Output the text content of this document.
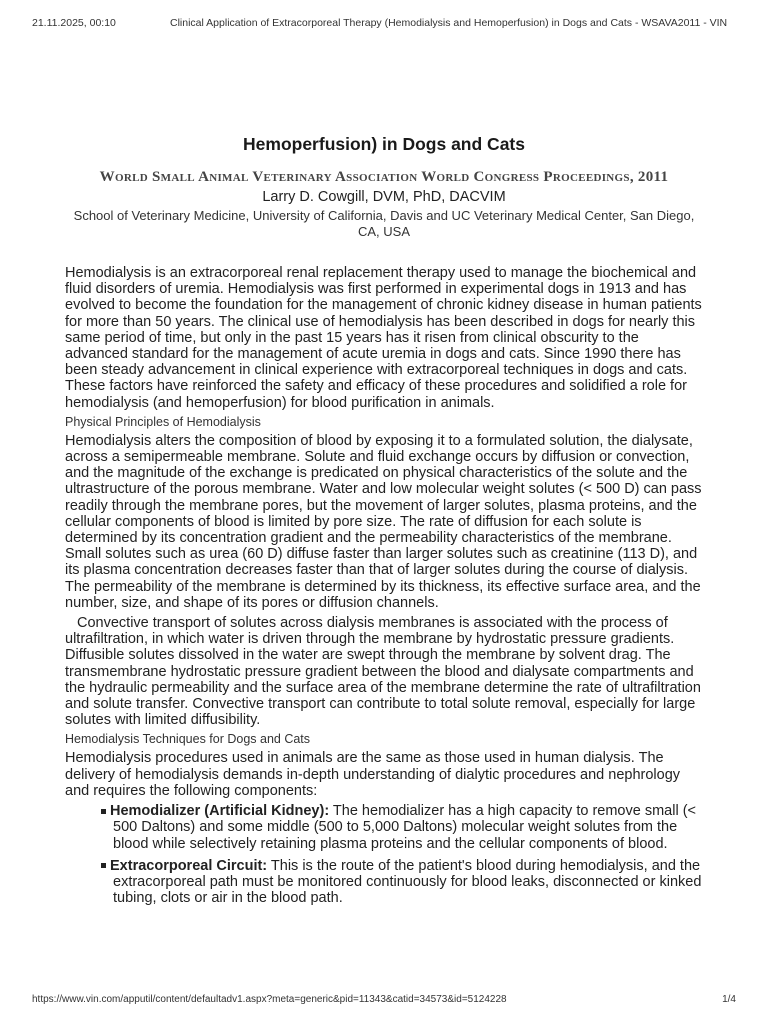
21.11.2025, 00:10	Clinical Application of Extracorporeal Therapy (Hemodialysis and Hemoperfusion) in Dogs and Cats - WSAVA2011 - VIN
Hemoperfusion) in Dogs and Cats
World Small Animal Veterinary Association World Congress Proceedings, 2011
Larry D. Cowgill, DVM, PhD, DACVIM
School of Veterinary Medicine, University of California, Davis and UC Veterinary Medical Center, San Diego, CA, USA

Hemodialysis is an extracorporeal renal replacement therapy used to manage the biochemical and fluid disorders of uremia. Hemodialysis was first performed in experimental dogs in 1913 and has evolved to become the foundation for the management of chronic kidney disease in human patients for more than 50 years. The clinical use of hemodialysis has been described in dogs for nearly this same period of time, but only in the past 15 years has it risen from clinical obscurity to the advanced standard for the management of acute uremia in dogs and cats. Since 1990 there has been steady advancement in clinical experience with extracorporeal techniques in dogs and cats. These factors have reinforced the safety and efficacy of these procedures and solidified a role for hemodialysis (and hemoperfusion) for blood purification in animals.

Physical Principles of Hemodialysis

Hemodialysis alters the composition of blood by exposing it to a formulated solution, the dialysate, across a semipermeable membrane. Solute and fluid exchange occurs by diffusion or convection, and the magnitude of the exchange is predicated on physical characteristics of the solute and the ultrastructure of the porous membrane. Water and low molecular weight solutes (< 500 D) can pass readily through the membrane pores, but the movement of larger solutes, plasma proteins, and the cellular components of blood is limited by pore size. The rate of diffusion for each solute is determined by its concentration gradient and the permeability characteristics of the membrane. Small solutes such as urea (60 D) diffuse faster than larger solutes such as creatinine (113 D), and its plasma concentration decreases faster than that of larger solutes during the course of dialysis. The permeability of the membrane is determined by its thickness, its effective surface area, and the number, size, and shape of its pores or diffusion channels.

Convective transport of solutes across dialysis membranes is associated with the process of ultrafiltration, in which water is driven through the membrane by hydrostatic pressure gradients. Diffusible solutes dissolved in the water are swept through the membrane by solvent drag. The transmembrane hydrostatic pressure gradient between the blood and dialysate compartments and the hydraulic permeability and the surface area of the membrane determine the rate of ultrafiltration and solute transfer. Convective transport can contribute to total solute removal, especially for large solutes with limited diffusibility.

Hemodialysis Techniques for Dogs and Cats

Hemodialysis procedures used in animals are the same as those used in human dialysis. The delivery of hemodialysis demands in-depth understanding of dialytic procedures and nephrology and requires the following components:

Hemodializer (Artificial Kidney): The hemodializer has a high capacity to remove small (< 500 Daltons) and some middle (500 to 5,000 Daltons) molecular weight solutes from the blood while selectively retaining plasma proteins and the cellular components of blood.
Extracorporeal Circuit: This is the route of the patient's blood during hemodialysis, and the extracorporeal path must be monitored continuously for blood leaks, disconnected or kinked tubing, clots or air in the blood path.
https://www.vin.com/apputil/content/defaultadv1.aspx?meta=generic&pid=11343&catid=34573&id=5124228	1/4
